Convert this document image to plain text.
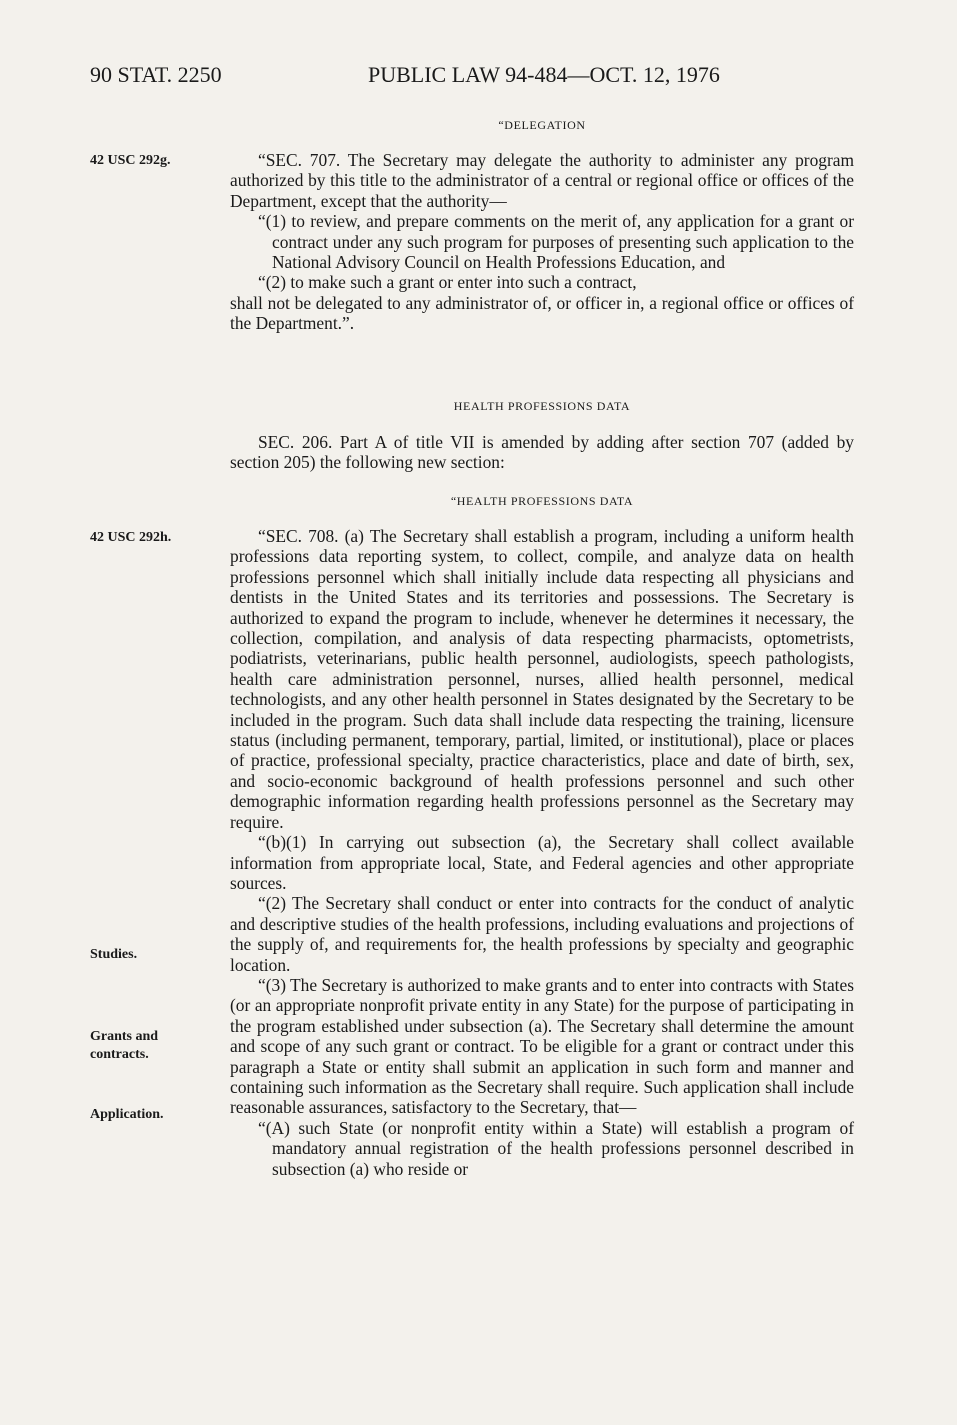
90 STAT. 2250	PUBLIC LAW 94-484—OCT. 12, 1976
“DELEGATION
42 USC 292g.	“SEC. 707. The Secretary may delegate the authority to administer any program authorized by this title to the administrator of a central or regional office or offices of the Department, except that the authority—

“(1) to review, and prepare comments on the merit of, any application for a grant or contract under any such program for purposes of presenting such application to the National Advisory Council on Health Professions Education, and

“(2) to make such a grant or enter into such a contract,

shall not be delegated to any administrator of, or officer in, a regional office or offices of the Department.”.

HEALTH PROFESSIONS DATA

SEC. 206. Part A of title VII is amended by adding after section 707 (added by section 205) the following new section:

“HEALTH PROFESSIONS DATA
42 USC 292h.	“SEC. 708. (a) The Secretary shall establish a program, including a uniform health professions data reporting system, to collect, compile, and analyze data on health professions personnel which shall initially include data respecting all physicians and dentists in the United States and its territories and possessions. The Secretary is authorized to expand the program to include, whenever he determines it necessary, the collection, compilation, and analysis of data respecting pharmacists, optometrists, podiatrists, veterinarians, public health personnel, audiologists, speech pathologists, health care administration personnel, nurses, allied health personnel, medical technologists, and any other health personnel in States designated by the Secretary to be included in the program. Such data shall include data respecting the training, licensure status (including permanent, temporary, partial, limited, or institutional), place or places of practice, professional specialty, practice characteristics, place and date of birth, sex, and socio-economic background of health professions personnel and such other demographic information regarding health professions personnel as the Secretary may require.

“(b)(1) In carrying out subsection (a), the Secretary shall collect available information from appropriate local, State, and Federal agencies and other appropriate sources.

“(2) The Secretary shall conduct or enter into contracts for the conduct of analytic and descriptive studies of the health professions, including evaluations and projections of the supply of, and requirements for, the health professions by specialty and geographic location.

“(3) The Secretary is authorized to make grants and to enter into contracts with States (or an appropriate nonprofit private entity in any State) for the purpose of participating in the program established under subsection (a). The Secretary shall determine the amount and scope of any such grant or contract. To be eligible for a grant or contract under this paragraph a State or entity shall submit an application in such form and manner and containing such information as the Secretary shall require. Such application shall include reasonable assurances, satisfactory to the Secretary, that—

“(A) such State (or nonprofit entity within a State) will establish a program of mandatory annual registration of the health professions personnel described in subsection (a) who reside or

Studies.
Grants and contracts.
Application.
